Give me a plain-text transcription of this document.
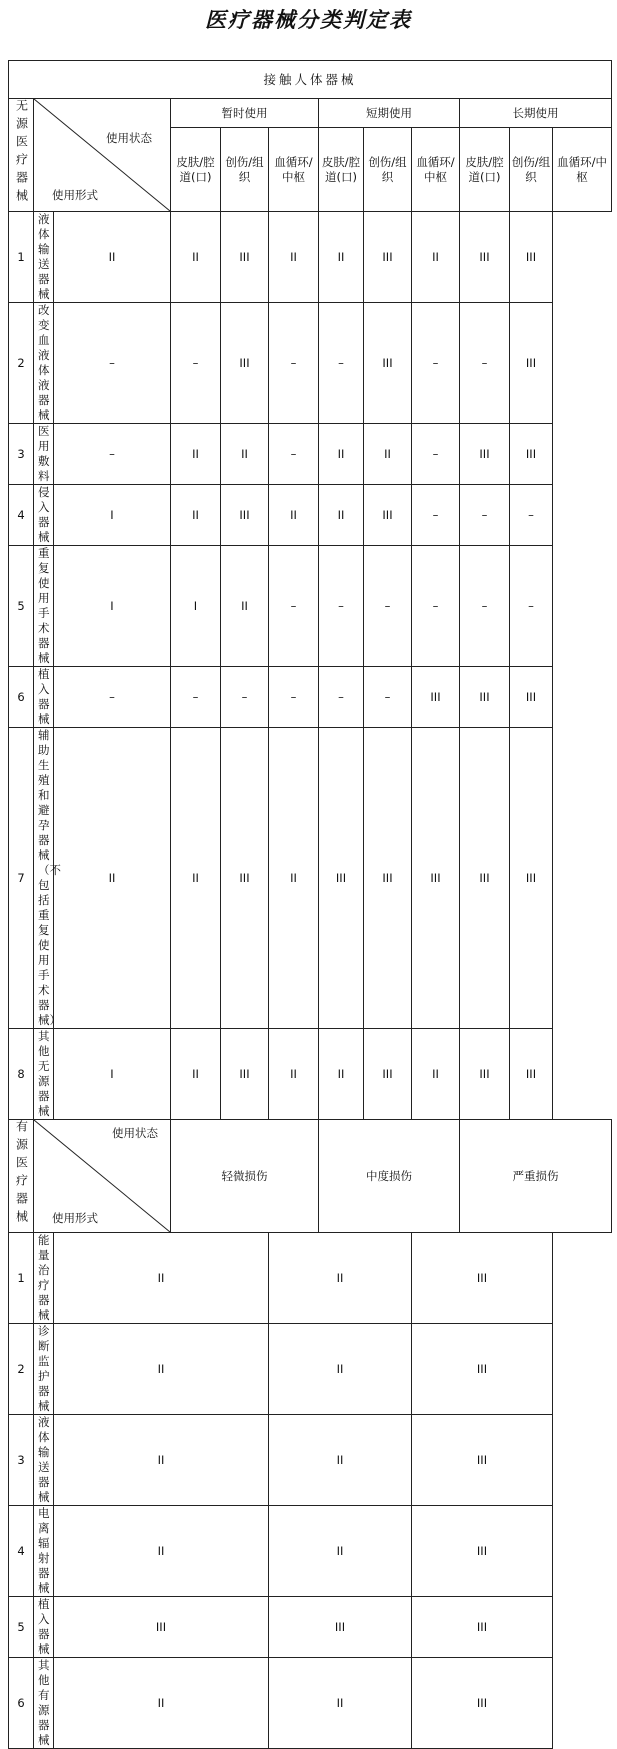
医疗器械分类判定表
接触人体器械											
无源医疗器械	使用状态
使用形式		暂时使用			短期使用			长期使用		
			皮肤/腔道(口)	创伤/组织	血循环/中枢	皮肤/腔道(口)	创伤/组织	血循环/中枢	皮肤/腔道(口)	创伤/组织	血循环/中枢
1	液体输送器械	II	II	III	II	II	III	II	III	III	
2	改变血液体液器械	–	–	III	–	–	III	–	–	III	
3	医用敷料	–	II	II	–	II	II	–	III	III	
4	侵入器械	I	II	III	II	II	III	–	–	–	
5	重复使用手术器械	I	I	II	–	–	–	–	–	–	
6	植入器械	–	–	–	–	–	–	III	III	III	
7	辅助生殖和避孕器械（不包括重复使用手术器械）	II	II	III	II	III	III	III	III	III	
8	其他无源器械	I	II	III	II	II	III	II	III	III	
有源医疗器械	使用状态
使用形式		轻微损伤			中度损伤			严重损伤		
1	能量治疗器械	II			II			III			
2	诊断监护器械	II			II			III			
3	液体输送器械	II			II			III			
4	电离辐射器械	II			II			III			
5	植入器械	III			III			III			
6	其他有源器械	II			II			III			
